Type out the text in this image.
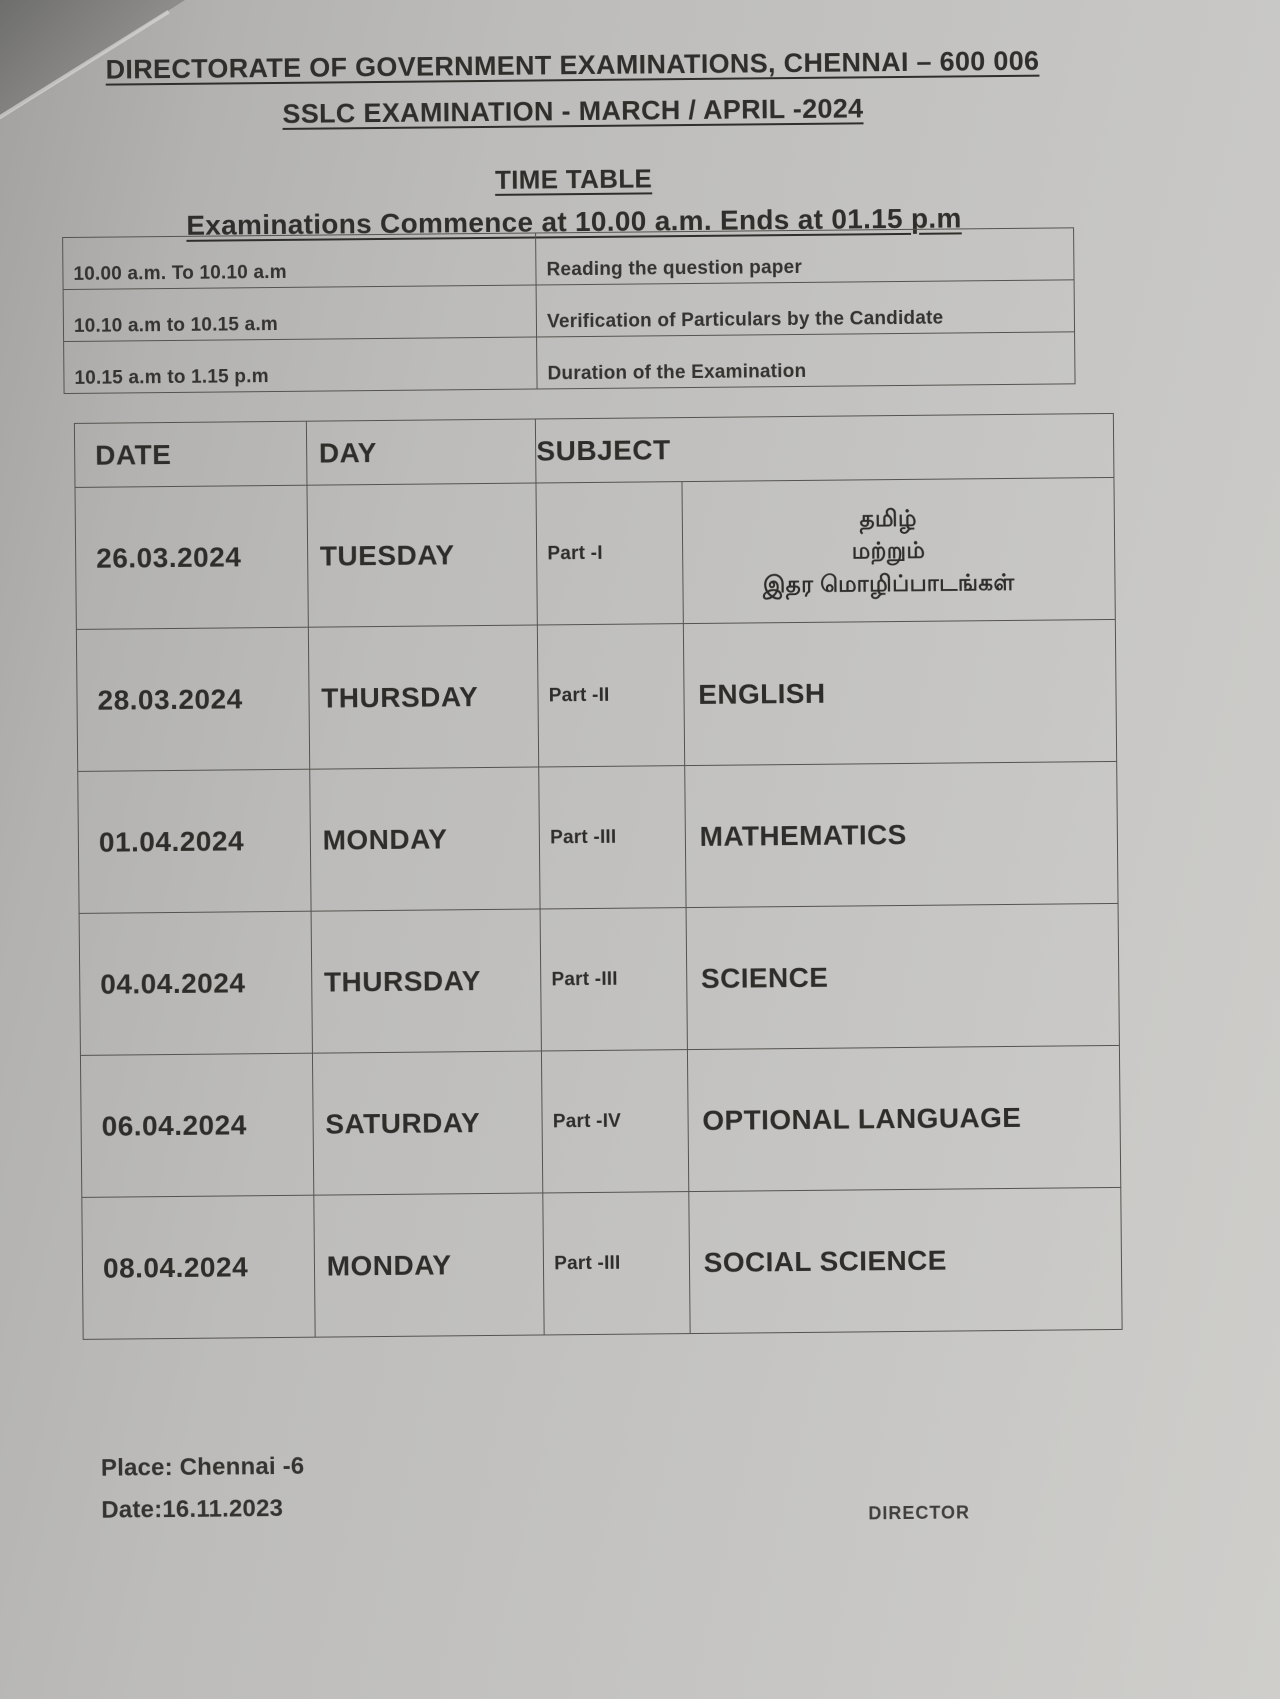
DIRECTORATE OF GOVERNMENT EXAMINATIONS, CHENNAI – 600 006
SSLC EXAMINATION - MARCH / APRIL -2024
TIME TABLE
Examinations Commence at 10.00 a.m. Ends at 01.15 p.m
10.00 a.m. To 10.10 a.m	Reading the question paper
10.10 a.m to 10.15 a.m	Verification of Particulars by the Candidate
10.15 a.m to 1.15 p.m	Duration of the Examination
DATE	DAY	SUBJECT	
26.03.2024	TUESDAY	Part -I	தமிழ்
மற்றும்
இதர மொழிப்பாடங்கள்

28.03.2024	THURSDAY	Part -II	ENGLISH
01.04.2024	MONDAY	Part -III	MATHEMATICS
04.04.2024	THURSDAY	Part -III	SCIENCE
06.04.2024	SATURDAY	Part -IV	OPTIONAL LANGUAGE
08.04.2024	MONDAY	Part -III	SOCIAL SCIENCE
Place: Chennai -6
Date:16.11.2023	DIRECTOR
